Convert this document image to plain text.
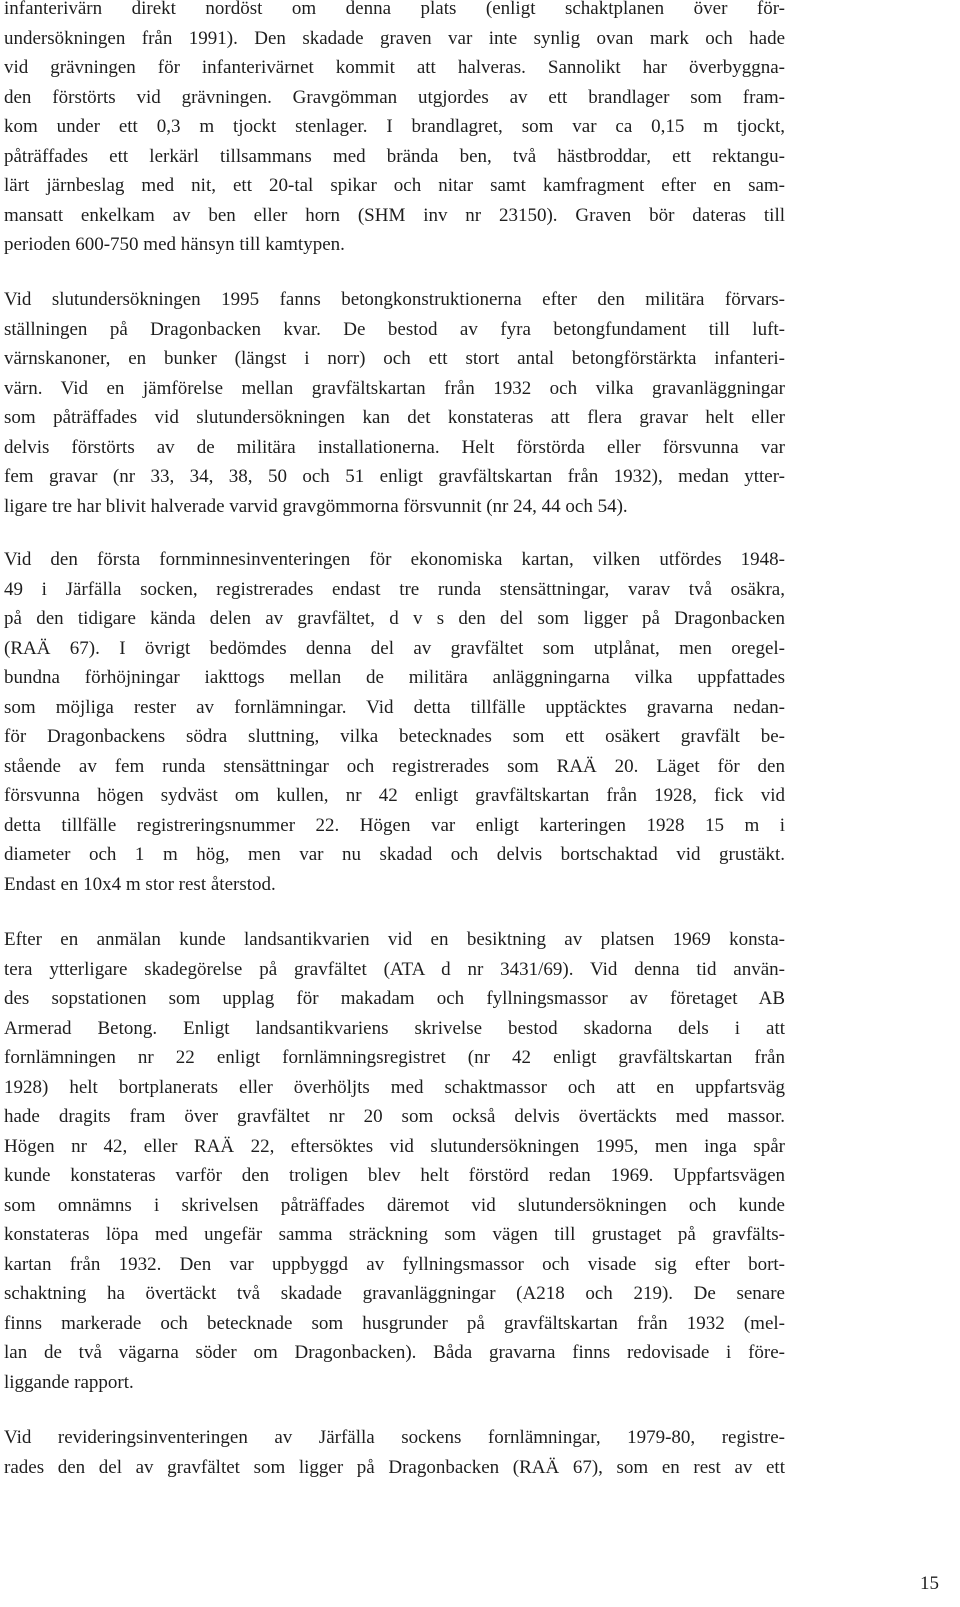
infanterivärn direkt nordöst om denna plats (enligt schaktplanen över för-
undersökningen från 1991). Den skadade graven var inte synlig ovan mark och hade
vid grävningen för infanterivärnet kommit att halveras. Sannolikt har överbyggna-
den förstörts vid grävningen. Gravgömman utgjordes av ett brandlager som fram-
kom under ett 0,3 m tjockt stenlager. I brandlagret, som var ca 0,15 m tjockt,
påträffades ett lerkärl tillsammans med brända ben, två hästbroddar, ett rektangu-
lärt järnbeslag med nit, ett 20-tal spikar och nitar samt kamfragment efter en sam-
mansatt enkelkam av ben eller horn (SHM inv nr 23150). Graven bör dateras till
perioden 600-750 med hänsyn till kamtypen.
Vid slutundersökningen 1995 fanns betongkonstruktionerna efter den militära förvars-
ställningen på Dragonbacken kvar. De bestod av fyra betongfundament till luft-
värnskanoner, en bunker (längst i norr) och ett stort antal betongförstärkta infanteri-
värn. Vid en jämförelse mellan gravfältskartan från 1932 och vilka gravanläggningar
som påträffades vid slutundersökningen kan det konstateras att flera gravar helt eller
delvis förstörts av de militära installationerna. Helt förstörda eller försvunna var
fem gravar (nr 33, 34, 38, 50 och 51 enligt gravfältskartan från 1932), medan ytter-
ligare tre har blivit halverade varvid gravgömmorna försvunnit (nr 24, 44 och 54).
Vid den första fornminnesinventeringen för ekonomiska kartan, vilken utfördes 1948-
49 i Järfälla socken, registrerades endast tre runda stensättningar, varav två osäkra,
på den tidigare kända delen av gravfältet, d v s den del som ligger på Dragonbacken
(RAÄ 67). I övrigt bedömdes denna del av gravfältet som utplånat, men oregel-
bundna förhöjningar iakttogs mellan de militära anläggningarna vilka uppfattades
som möjliga rester av fornlämningar. Vid detta tillfälle upptäcktes gravarna nedan-
för Dragonbackens södra sluttning, vilka betecknades som ett osäkert gravfält be-
stående av fem runda stensättningar och registrerades som RAÄ 20. Läget för den
försvunna högen sydväst om kullen, nr 42 enligt gravfältskartan från 1928, fick vid
detta tillfälle registreringsnummer 22. Högen var enligt karteringen 1928 15 m i
diameter och 1 m hög, men var nu skadad och delvis bortschaktad vid grustäkt.
Endast en 10x4 m stor rest återstod.
Efter en anmälan kunde landsantikvarien vid en besiktning av platsen 1969 konsta-
tera ytterligare skadegörelse på gravfältet (ATA d nr 3431/69). Vid denna tid använ-
des sopstationen som upplag för makadam och fyllningsmassor av företaget AB
Armerad Betong. Enligt landsantikvariens skrivelse bestod skadorna dels i att
fornlämningen nr 22 enligt fornlämningsregistret (nr 42 enligt gravfältskartan från
1928) helt bortplanerats eller överhöljts med schaktmassor och att en uppfartsväg
hade dragits fram över gravfältet nr 20 som också delvis övertäckts med massor.
Högen nr 42, eller RAÄ 22, eftersöktes vid slutundersökningen 1995, men inga spår
kunde konstateras varför den troligen blev helt förstörd redan 1969. Uppfartsvägen
som omnämns i skrivelsen påträffades däremot vid slutundersökningen och kunde
konstateras löpa med ungefär samma sträckning som vägen till grustaget på gravfälts-
kartan från 1932. Den var uppbyggd av fyllningsmassor och visade sig efter bort-
schaktning ha övertäckt två skadade gravanläggningar (A218 och 219). De senare
finns markerade och betecknade som husgrunder på gravfältskartan från 1932 (mel-
lan de två vägarna söder om Dragonbacken). Båda gravarna finns redovisade i före-
liggande rapport.
Vid revideringsinventeringen av Järfälla sockens fornlämningar, 1979-80, registre-
rades den del av gravfältet som ligger på Dragonbacken (RAÄ 67), som en rest av ett
15
